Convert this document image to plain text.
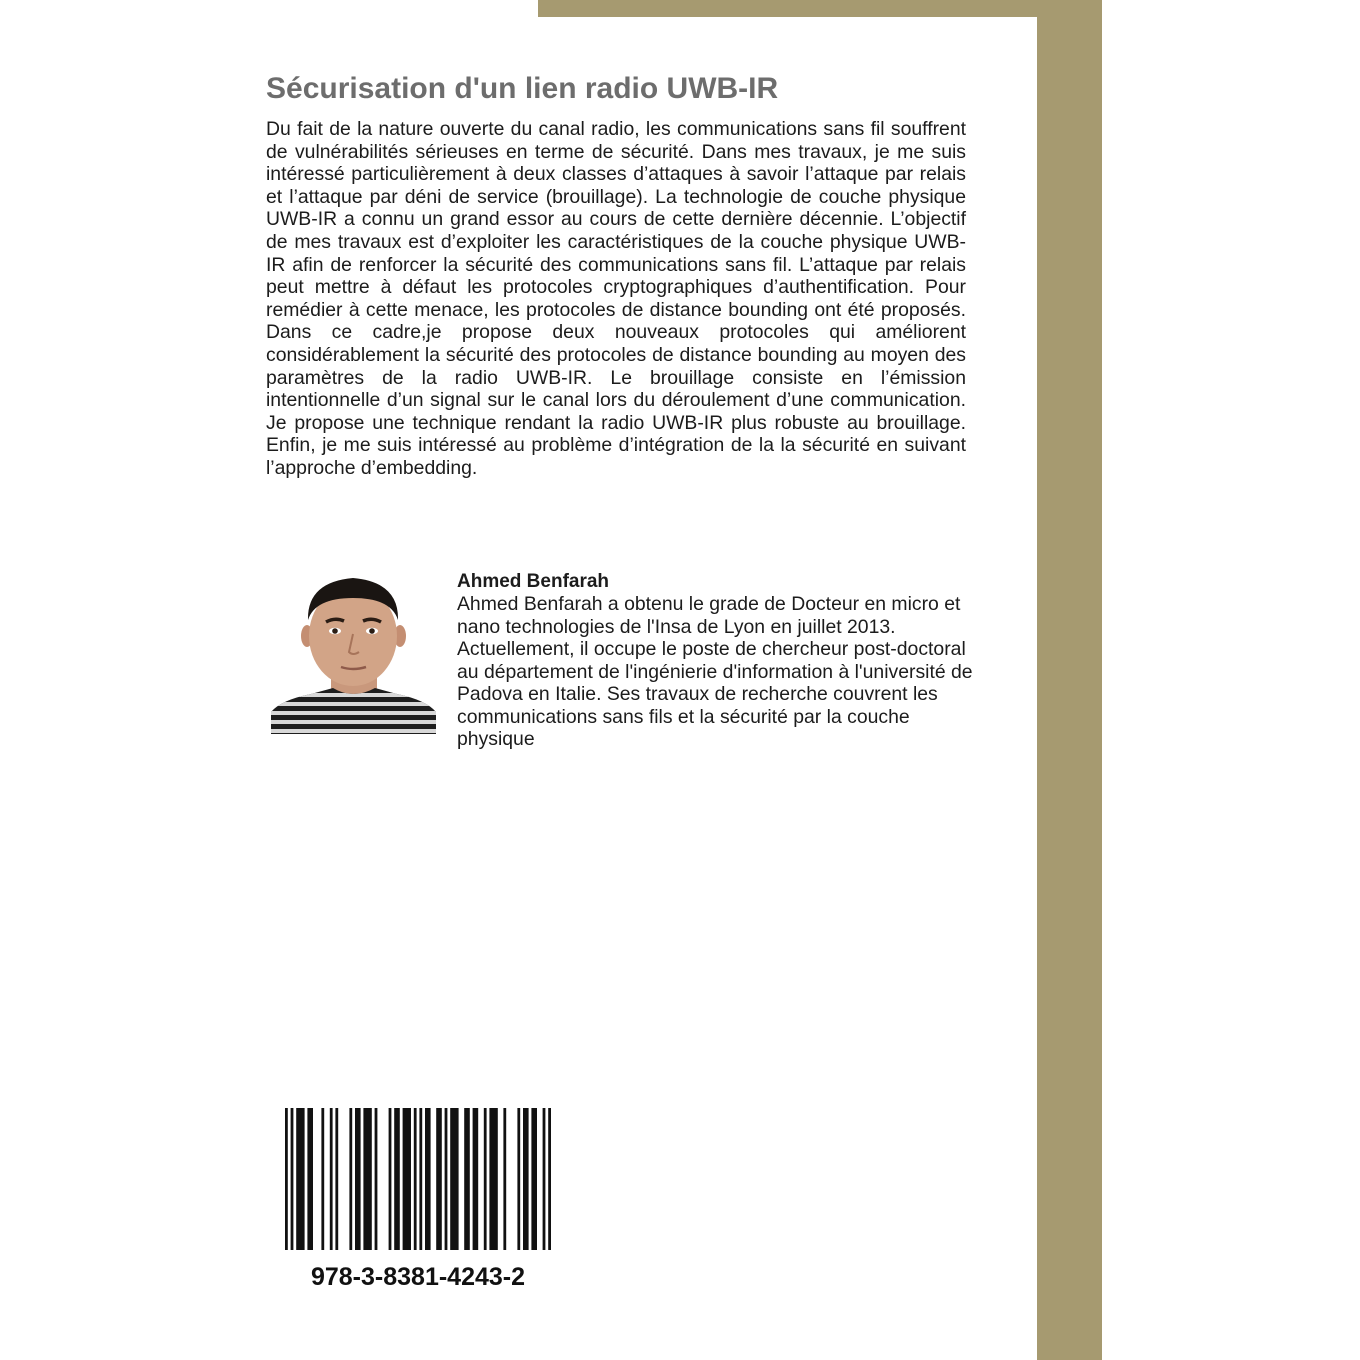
Sécurisation d'un lien radio UWB-IR

Du fait de la nature ouverte du canal radio, les communications sans fil souffrent de vulnérabilités sérieuses en terme de sécurité. Dans mes travaux, je me suis intéressé particulièrement à deux classes d’attaques à savoir l’attaque par relais et l’attaque par déni de service (brouillage). La technologie de couche physique UWB-IR a connu un grand essor au cours de cette dernière décennie. L’objectif de mes travaux est d’exploiter les caractéristiques de la couche physique UWB-IR afin de renforcer la sécurité des communications sans fil. L’attaque par relais peut mettre à défaut les protocoles cryptographiques d’authentification. Pour remédier à cette menace, les protocoles de distance bounding ont été proposés. Dans ce cadre,je propose deux nouveaux protocoles qui améliorent considérablement la sécurité des protocoles de distance bounding au moyen des paramètres de la radio UWB-IR. Le brouillage consiste en l’émission intentionnelle d’un signal sur le canal lors du déroulement d’une communication. Je propose une technique rendant la radio UWB-IR plus robuste au brouillage. Enfin, je me suis intéressé au problème d’intégration de la la sécurité en suivant l’approche d’embedding.

Ahmed Benfarah

Ahmed Benfarah a obtenu le grade de Docteur en micro et nano technologies de l'Insa de Lyon en juillet 2013. Actuellement, il occupe le poste de chercheur post-doctoral au département de l'ingénierie d'information à l'université de Padova en Italie. Ses travaux de recherche couvrent les communications sans fils et la sécurité par la couche physique

978-3-8381-4243-2
